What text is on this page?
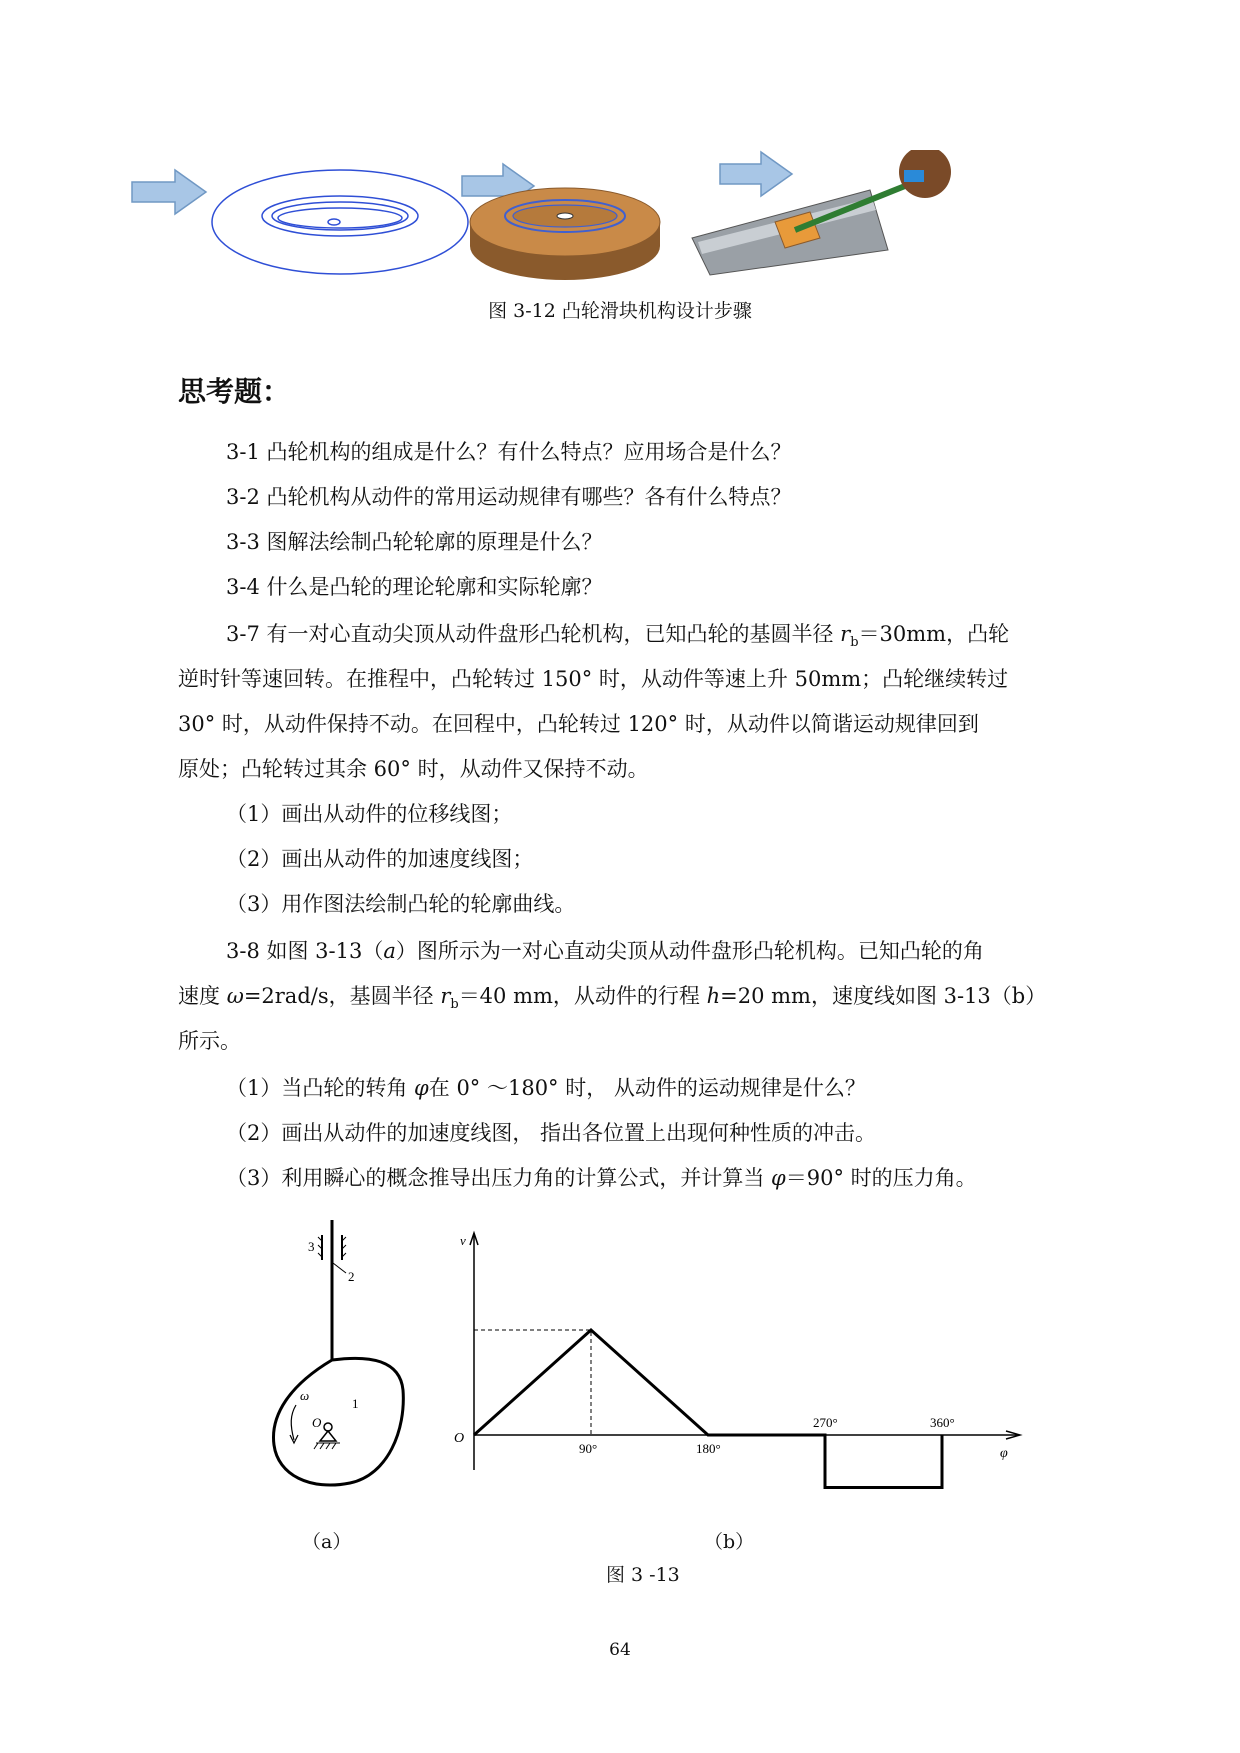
图 3-12 凸轮滑块机构设计步骤
思考题：
3-1 凸轮机构的组成是什么？有什么特点？应用场合是什么？
3-2 凸轮机构从动件的常用运动规律有哪些？各有什么特点？
3-3 图解法绘制凸轮轮廓的原理是什么？
3-4 什么是凸轮的理论轮廓和实际轮廓？
3-7 有一对心直动尖顶从动件盘形凸轮机构，已知凸轮的基圆半径 $r_b=30mm$，凸轮
逆时针等速回转。在推程中，凸轮转过 150° 时，从动件等速上升 50mm；凸轮继续转过
30° 时，从动件保持不动。在回程中，凸轮转过 120° 时，从动件以简谐运动规律回到
原处；凸轮转过其余 60° 时，从动件又保持不动。
（1）画出从动件的位移线图；
（2）画出从动件的加速度线图；
（3）用作图法绘制凸轮的轮廓曲线。
3-8 如图 3-13（a）图所示为一对心直动尖顶从动件盘形凸轮机构。已知凸轮的角
速度 ω=2rad/s，基圆半径 $r_b=40$ mm，从动件的行程 h=20 mm，速度线如图 3-13（b）
所示。
（1）当凸轮的转角 φ在 0° ～180° 时， 从动件的运动规律是什么？
（2）画出从动件的加速度线图， 指出各位置上出现何种性质的冲击。
（3）利用瞬心的概念推导出压力角的计算公式，并计算当 φ＝90° 时的压力角。
3
2
1
ω
O
v
φ
O
90°	180°
270°	360°
（a）	（b）
图 3 -13
64
